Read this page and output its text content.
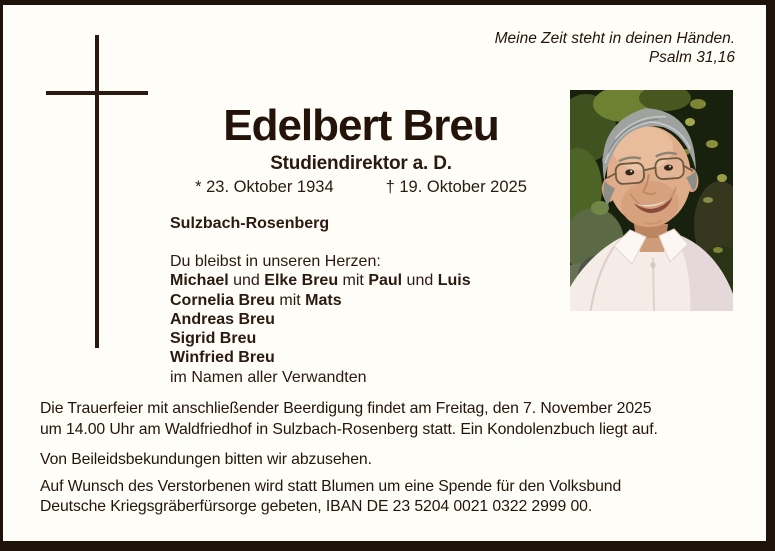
Meine Zeit steht in deinen Händen.
Psalm 31,16
Edelbert Breu
Studiendirektor a. D.
* 23. Oktober 1934	† 19. Oktober 2025
Sulzbach-Rosenberg
Du bleibst in unseren Herzen:
Michael und Elke Breu mit Paul und Luis
Cornelia Breu mit Mats
Andreas Breu
Sigrid Breu
Winfried Breu
im Namen aller Verwandten
Die Trauerfeier mit anschließender Beerdigung findet am Freitag, den 7. November 2025
um 14.00 Uhr am Waldfriedhof in Sulzbach-Rosenberg statt. Ein Kondolenzbuch liegt auf.
Von Beileidsbekundungen bitten wir abzusehen.
Auf Wunsch des Verstorbenen wird statt Blumen um eine Spende für den Volksbund
Deutsche Kriegsgräberfürsorge gebeten, IBAN DE 23 5204 0021 0322 2999 00.
